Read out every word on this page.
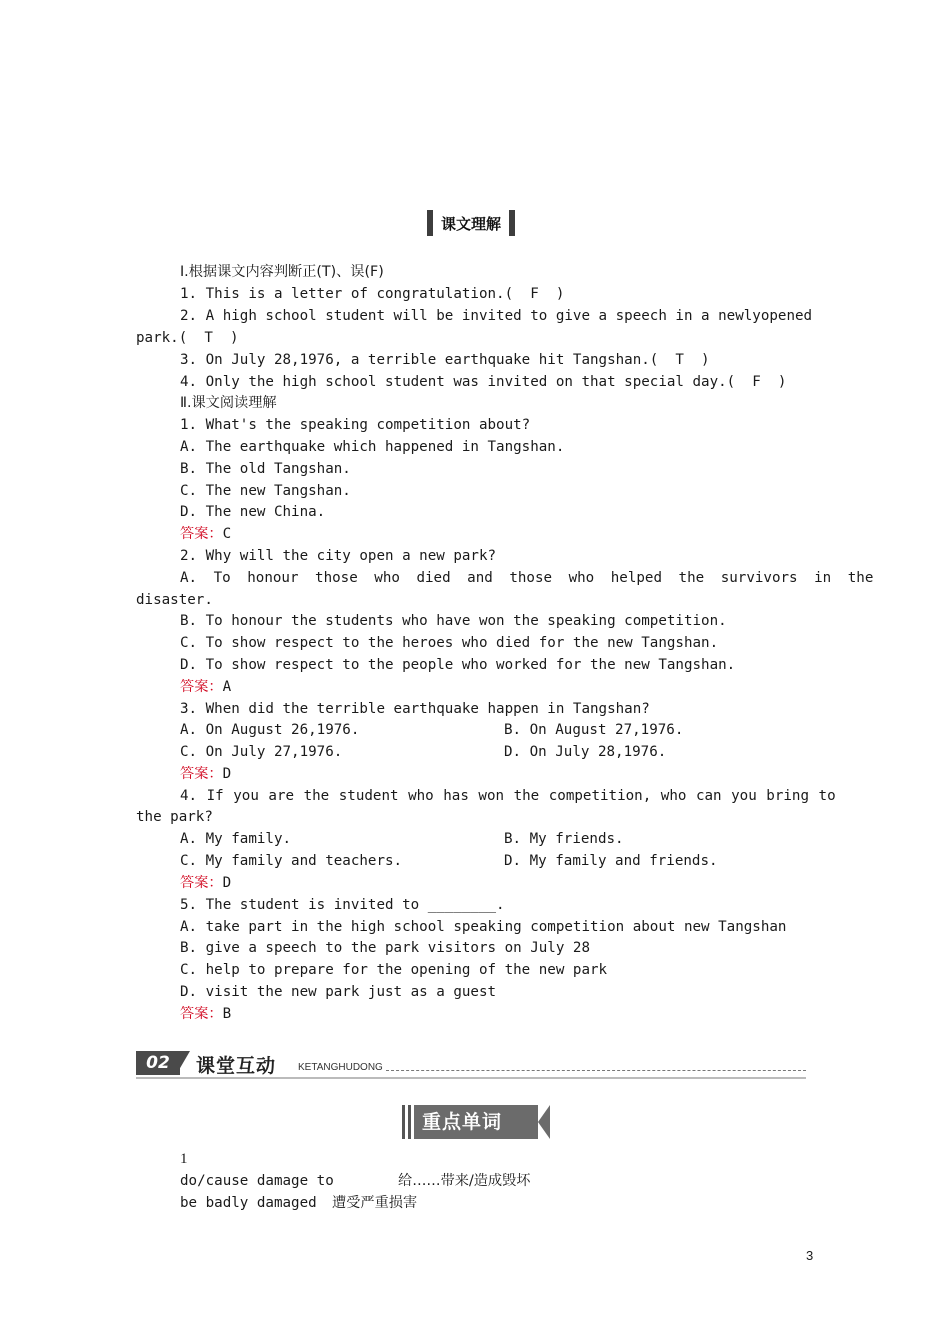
课文理解
Ⅰ.根据课文内容判断正(T)、误(F)
1. This is a letter of congratulation.(  F  )
2. A high school student will be invited to give a speech in a newlyopened
park.(  T  )
3. On July 28,1976, a terrible earthquake hit Tangshan.(  T  )
4. Only the high school student was invited on that special day.(  F  )
Ⅱ.课文阅读理解
1. What's the speaking competition about?
A. The earthquake which happened in Tangshan.
B. The old Tangshan.
C. The new Tangshan.
D. The new China.
答案：C
2. Why will the city open a new park?
A. To honour those who died and those who helped the survivors in the
disaster.
B. To honour the students who have won the speaking competition.
C. To show respect to the heroes who died for the new Tangshan.
D. To show respect to the people who worked for the new Tangshan.
答案：A
3. When did the terrible earthquake happen in Tangshan?
A. On August 26,1976.	B. On August 27,1976.
C. On July 27,1976.	D. On July 28,1976.
答案：D
4. If you are the student who has won the competition, who can you bring to
the park?
A. My family.	B. My friends.
C. My family and teachers.	D. My family and friends.
答案：D
5. The student is invited to ________.
A. take part in the high school speaking competition about new Tangshan
B. give a speech to the park visitors on July 28
C. help to prepare for the opening of the new park
D. visit the new park just as a guest
答案：B
02	课堂互动 KETANGHUDONG
重点单词
1
do/cause damage to	给……带来/造成毁坏
be badly damaged 遭受严重损害
3
